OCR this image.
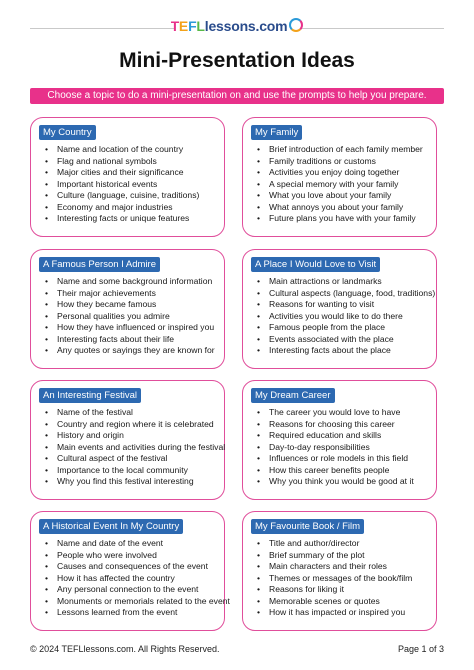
TEFLlessons.com
Mini-Presentation Ideas
Choose a topic to do a mini-presentation on and use the prompts to help you prepare.
My Country
• Name and location of the country
• Flag and national symbols
• Major cities and their significance
• Important historical events
• Culture (language, cuisine, traditions)
• Economy and major industries
• Interesting facts or unique features
My Family
• Brief introduction of each family member
• Family traditions or customs
• Activities you enjoy doing together
• A special memory with your family
• What you love about your family
• What annoys you about your family
• Future plans you have with your family
A Famous Person I Admire
• Name and some background information
• Their major achievements
• How they became famous
• Personal qualities you admire
• How they have influenced or inspired you
• Interesting facts about their life
• Any quotes or sayings they are known for
A Place I Would Love to Visit
• Main attractions or landmarks
• Cultural aspects (language, food, traditions)
• Reasons for wanting to visit
• Activities you would like to do there
• Famous people from the place
• Events associated with the place
• Interesting facts about the place
An Interesting Festival
• Name of the festival
• Country and region where it is celebrated
• History and origin
• Main events and activities during the festival
• Cultural aspect of the festival
• Importance to the local community
• Why you find this festival interesting
My Dream Career
• The career you would love to have
• Reasons for choosing this career
• Required education and skills
• Day-to-day responsibilities
• Influences or role models in this field
• How this career benefits people
• Why you think you would be good at it
A Historical Event In My Country
• Name and date of the event
• People who were involved
• Causes and consequences of the event
• How it has affected the country
• Any personal connection to the event
• Monuments or memorials related to the event
• Lessons learned from the event
My Favourite Book / Film
• Title and author/director
• Brief summary of the plot
• Main characters and their roles
• Themes or messages of the book/film
• Reasons for liking it
• Memorable scenes or quotes
• How it has impacted or inspired you
© 2024 TEFLlessons.com. All Rights Reserved.	Page 1 of 3
